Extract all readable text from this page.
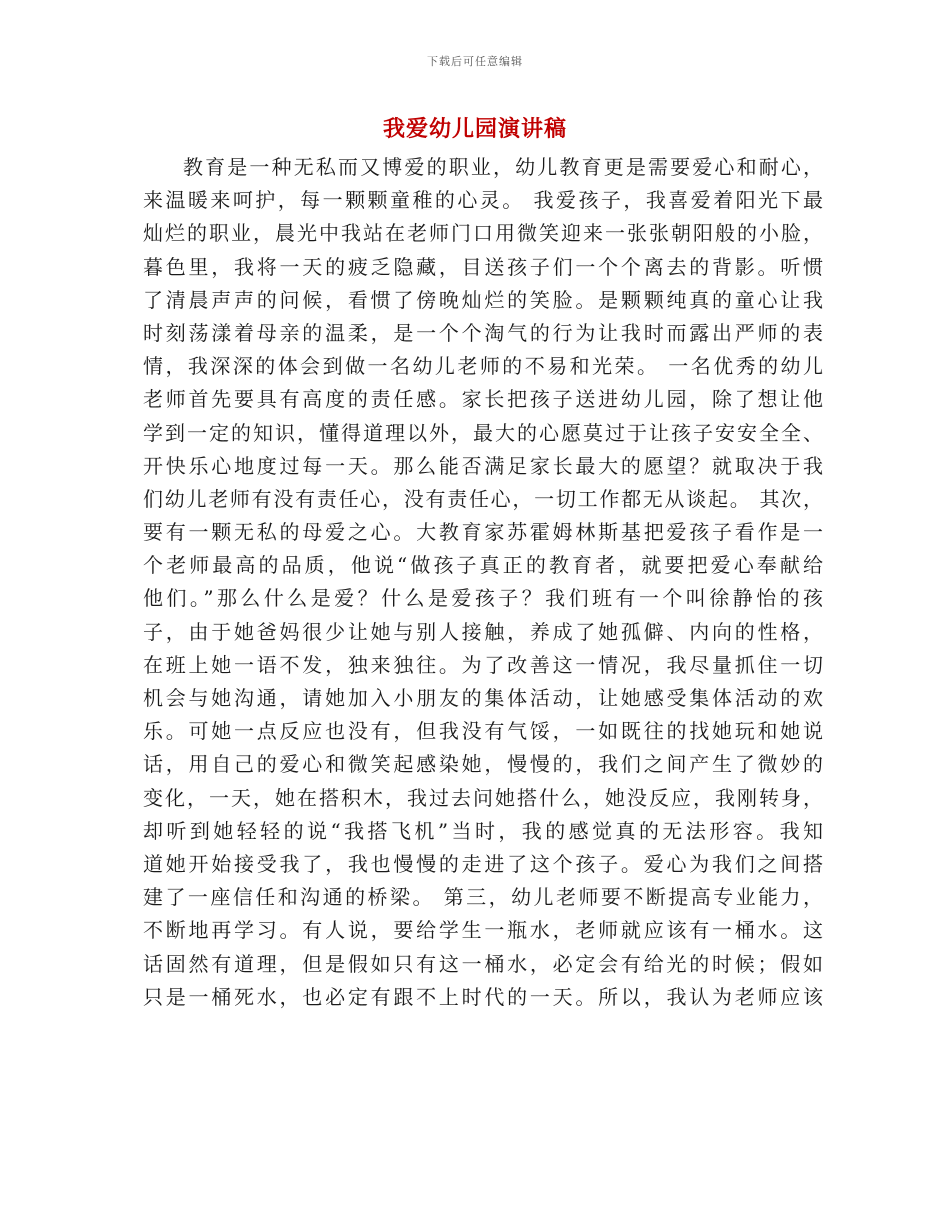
下载后可任意编辑
我爱幼儿园演讲稿
教育是一种无私而又博爱的职业，幼儿教育更是需要爱心和耐心，
来温暖来呵护，每一颗颗童稚的心灵。 我爱孩子，我喜爱着阳光下最
灿烂的职业，晨光中我站在老师门口用微笑迎来一张张朝阳般的小脸，
暮色里，我将一天的疲乏隐藏，目送孩子们一个个离去的背影。听惯
了清晨声声的问候，看惯了傍晚灿烂的笑脸。是颗颗纯真的童心让我
时刻荡漾着母亲的温柔，是一个个淘气的行为让我时而露出严师的表
情，我深深的体会到做一名幼儿老师的不易和光荣。 一名优秀的幼儿
老师首先要具有高度的责任感。家长把孩子送进幼儿园，除了想让他
学到一定的知识，懂得道理以外，最大的心愿莫过于让孩子安安全全、
开快乐心地度过每一天。那么能否满足家长最大的愿望？就取决于我
们幼儿老师有没有责任心，没有责任心，一切工作都无从谈起。 其次，
要有一颗无私的母爱之心。大教育家苏霍姆林斯基把爱孩子看作是一
个老师最高的品质，他说“做孩子真正的教育者，就要把爱心奉献给
他们。”那么什么是爱？什么是爱孩子？我们班有一个叫徐静怡的孩
子，由于她爸妈很少让她与别人接触，养成了她孤僻、内向的性格，
在班上她一语不发，独来独往。为了改善这一情况，我尽量抓住一切
机会与她沟通，请她加入小朋友的集体活动，让她感受集体活动的欢
乐。可她一点反应也没有，但我没有气馁，一如既往的找她玩和她说
话，用自己的爱心和微笑起感染她，慢慢的，我们之间产生了微妙的
变化，一天，她在搭积木，我过去问她搭什么，她没反应，我刚转身，
却听到她轻轻的说“我搭飞机”当时，我的感觉真的无法形容。我知
道她开始接受我了，我也慢慢的走进了这个孩子。爱心为我们之间搭
建了一座信任和沟通的桥梁。 第三，幼儿老师要不断提高专业能力，
不断地再学习。有人说，要给学生一瓶水，老师就应该有一桶水。这
话固然有道理，但是假如只有这一桶水，必定会有给光的时候；假如
只是一桶死水，也必定有跟不上时代的一天。所以，我认为老师应该
